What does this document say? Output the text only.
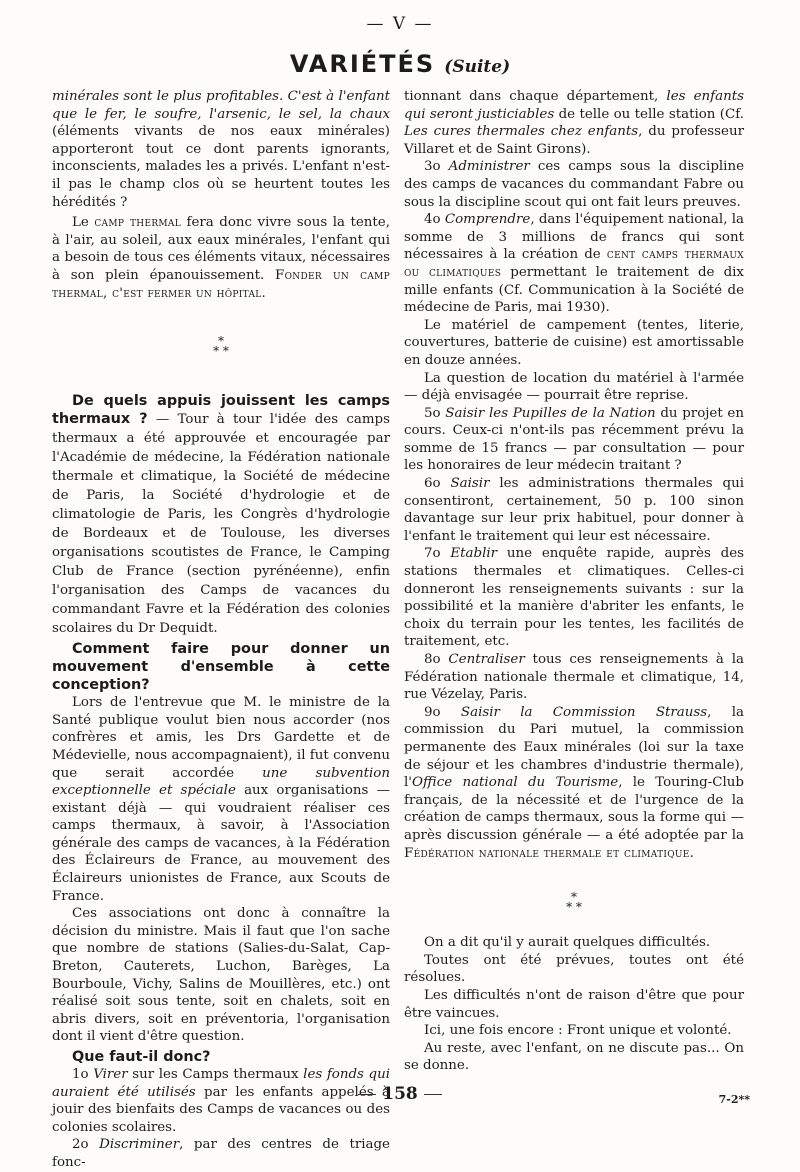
— V —
VARIÉTÉS (Suite)

minérales sont le plus profitables. C'est à l'enfant que le fer, le soufre, l'arsenic, le sel, la chaux (éléments vivants de nos eaux minérales) apporteront tout ce dont parents ignorants, inconscients, malades les a privés. L'enfant n'est-il pas le champ clos où se heurtent toutes les hérédités ?

Le camp thermal fera donc vivre sous la tente, à l'air, au soleil, aux eaux minérales, l'enfant qui a besoin de tous ces éléments vitaux, nécessaires à son plein épanouissement. Fonder un camp thermal, c'est fermer un hôpital.

*
* *

De quels appuis jouissent les camps thermaux ? — Tour à tour l'idée des camps thermaux a été approuvée et encouragée par l'Académie de médecine, la Fédération nationale thermale et climatique, la Société de médecine de Paris, la Société d'hydrologie et de climatologie de Paris, les Congrès d'hydrologie de Bordeaux et de Toulouse, les diverses organisations scoutistes de France, le Camping Club de France (section pyrénéenne), enfin l'organisation des Camps de vacances du commandant Favre et la Fédération des colonies scolaires du Dr Dequidt.

Comment faire pour donner un mouvement d'ensemble à cette conception?

Lors de l'entrevue que M. le ministre de la Santé publique voulut bien nous accorder (nos confrères et amis, les Drs Gardette et de Médevielle, nous accompagnaient), il fut convenu que serait accordée une subvention exceptionnelle et spéciale aux organisations — existant déjà — qui voudraient réaliser ces camps thermaux, à savoir, à l'Association générale des camps de vacances, à la Fédération des Éclaireurs de France, au mouvement des Éclaireurs unionistes de France, aux Scouts de France.

Ces associations ont donc à connaître la décision du ministre. Mais il faut que l'on sache que nombre de stations (Salies-du-Salat, Cap-Breton, Cauterets, Luchon, Barèges, La Bourboule, Vichy, Salins de Mouillères, etc.) ont réalisé soit sous tente, soit en chalets, soit en abris divers, soit en préventoria, l'organisation dont il vient d'être question.

Que faut-il donc?

1o Virer sur les Camps thermaux les fonds qui auraient été utilisés par les enfants appelés à jouir des bienfaits des Camps de vacances ou des colonies scolaires.

2o Discriminer, par des centres de triage fonc-

tionnant dans chaque département, les enfants qui seront justiciables de telle ou telle station (Cf. Les cures thermales chez enfants, du professeur Villaret et de Saint Girons).

3o Administrer ces camps sous la discipline des camps de vacances du commandant Fabre ou sous la discipline scout qui ont fait leurs preuves.

4o Comprendre, dans l'équipement national, la somme de 3 millions de francs qui sont nécessaires à la création de cent camps thermaux ou climatiques permettant le traitement de dix mille enfants (Cf. Communication à la Société de médecine de Paris, mai 1930).

Le matériel de campement (tentes, literie, couvertures, batterie de cuisine) est amortissable en douze années.

La question de location du matériel à l'armée — déjà envisagée — pourrait être reprise.

5o Saisir les Pupilles de la Nation du projet en cours. Ceux-ci n'ont-ils pas récemment prévu la somme de 15 francs — par consultation — pour les honoraires de leur médecin traitant ?

6o Saisir les administrations thermales qui consentiront, certainement, 50 p. 100 sinon davantage sur leur prix habituel, pour donner à l'enfant le traitement qui leur est nécessaire.

7o Etablir une enquête rapide, auprès des stations thermales et climatiques. Celles-ci donneront les renseignements suivants : sur la possibilité et la manière d'abriter les enfants, le choix du terrain pour les tentes, les facilités de traitement, etc.

8o Centraliser tous ces renseignements à la Fédération nationale thermale et climatique, 14, rue Vézelay, Paris.

9o Saisir la Commission Strauss, la commission du Pari mutuel, la commission permanente des Eaux minérales (loi sur la taxe de séjour et les chambres d'industrie thermale), l'Office national du Tourisme, le Touring-Club français, de la nécessité et de l'urgence de la création de camps thermaux, sous la forme qui — après discussion générale — a été adoptée par la Fédération nationale thermale et climatique.

*
* *

On a dit qu'il y aurait quelques difficultés.

Toutes ont été prévues, toutes ont été résolues.

Les difficultés n'ont de raison d'être que pour être vaincues.

Ici, une fois encore : Front unique et volonté.

Au reste, avec l'enfant, on ne discute pas... On se donne.

158	7-2**
